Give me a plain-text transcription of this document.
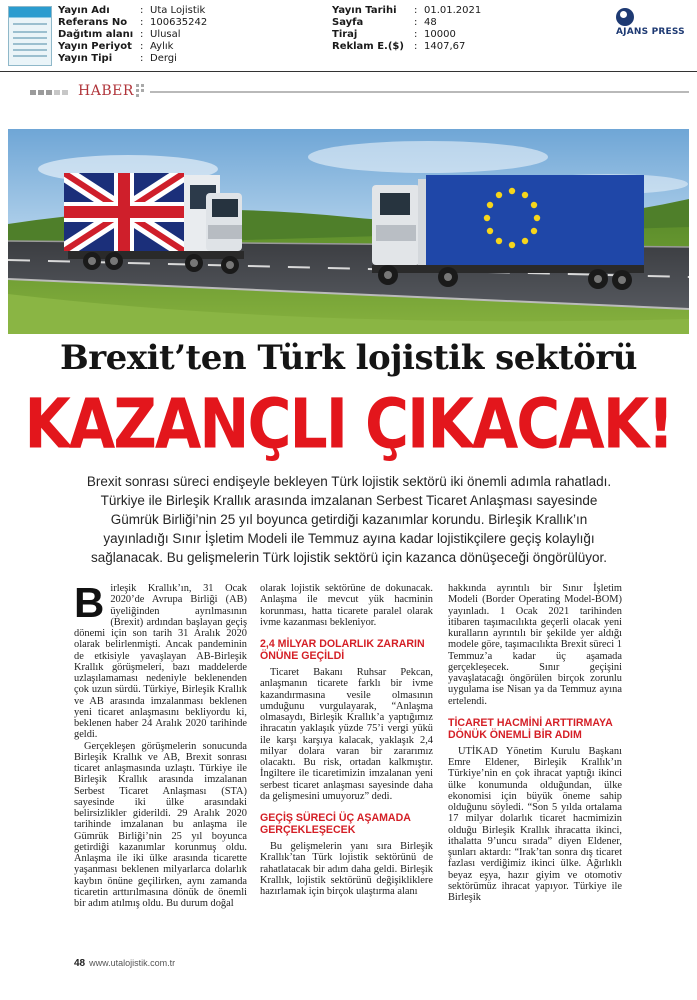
Yayın Adı	:	Uta Lojistik
Referans No	:	100635242
Dağıtım alanı	:	Ulusal
Yayın Periyot	:	Aylık
Yayın Tipi	:	Dergi
Yayın Tarihi	:	01.01.2021
Sayfa	:	48
Tiraj	:	10000
Reklam E.($)	:	1407,67
AJANS PRESS
HABER
Brexit’ten Türk lojistik sektörü
KAZANÇLI ÇIKACAK!
Brexit sonrası süreci endişeyle bekleyen Türk lojistik sektörü iki önemli adımla rahatladı.
Türkiye ile Birleşik Krallık arasında imzalanan Serbest Ticaret Anlaşması sayesinde
Gümrük Birliği’nin 25 yıl boyunca getirdiği kazanımlar korundu. Birleşik Krallık’ın
yayınladığı Sınır İşletim Modeli ile Temmuz ayına kadar lojistikçilere geçiş kolaylığı
sağlanacak. Bu gelişmelerin Türk lojistik sektörü için kazanca dönüşeceği öngörülüyor.
B irleşik Krallık’ın, 31 Ocak 2020’de Avrupa Birliği (AB) üyeliğinden ayrılmasının (Brexit) ardından başlayan geçiş dönemi için son tarih 31 Aralık 2020 olarak belirlenmişti. Ancak pandeminin de etkisiyle yavaşlayan AB-Birleşik Krallık görüşmeleri, bazı maddelerde uzlaşılamaması nedeniyle beklenenden çok uzun sürdü. Türkiye, Birleşik Krallık ve AB arasında imzalanması beklenen yeni ticaret anlaşmasını bekliyordu ki, beklenen haber 24 Aralık 2020 tarihinde geldi.

Gerçekleşen görüşmelerin sonucunda Birleşik Krallık ve AB, Brexit sonrası ticaret anlaşmasında uzlaştı. Türkiye ile Birleşik Krallık arasında imzalanan Serbest Ticaret Anlaşması (STA) sayesinde iki ülke arasındaki belirsizlikler giderildi. 29 Aralık 2020 tarihinde imzalanan bu anlaşma ile Gümrük Birliği’nin 25 yıl boyunca getirdiği kazanımlar korunmuş oldu. Anlaşma ile iki ülke arasında ticarette yaşanması beklenen milyarlarca dolarlık kaybın önüne geçilirken, aynı zamanda ticaretin arttırılmasına dönük de önemli bir adım atılmış oldu. Bu durum doğal

olarak lojistik sektörüne de dokunacak. Anlaşma ile mevcut yük hacminin korunması, hatta ticarete paralel olarak ivme kazanması bekleniyor.

2,4 MİLYAR DOLARLIK ZARARIN ÖNÜNE GEÇİLDİ

Ticaret Bakanı Ruhsar Pekcan, anlaşmanın ticarete farklı bir ivme kazandırmasına vesile olmasının umduğunu vurgulayarak, “Anlaşma olmasaydı, Birleşik Krallık’a yaptığımız ihracatın yaklaşık yüzde 75’i vergi yükü ile karşı karşıya kalacak, yaklaşık 2,4 milyar dolara varan bir zararımız olacaktı. Bu risk, ortadan kalkmıştır. İngiltere ile ticaretimizin imzalanan yeni serbest ticaret anlaşması sayesinde daha da gelişmesini umuyoruz” dedi.

GEÇİŞ SÜRECİ ÜÇ AŞAMADA GERÇEKLEŞECEK

Bu gelişmelerin yanı sıra Birleşik Krallık’tan Türk lojistik sektörünü de rahatlatacak bir adım daha geldi. Birleşik Krallık, lojistik sektörünü değişikliklere hazırlamak için birçok ulaştırma alanı

hakkında ayrıntılı bir Sınır İşletim Modeli (Border Operating Model-BOM) yayınladı. 1 Ocak 2021 tarihinden itibaren taşımacılıkta geçerli olacak yeni kuralların ayrıntılı bir şekilde yer aldığı modele göre, taşımacılıkta Brexit süreci 1 Temmuz’a kadar üç aşamada gerçekleşecek. Sınır geçişini yavaşlatacağı öngörülen birçok zorunlu uygulama ise Nisan ya da Temmuz ayına ertelendi.

TİCARET HACMİNİ ARTTIRMAYA DÖNÜK ÖNEMLİ BİR ADIM

UTİKAD Yönetim Kurulu Başkanı Emre Eldener, Birleşik Krallık’ın Türkiye’nin en çok ihracat yaptığı ikinci ülke konumunda olduğundan, ülke ekonomisi için büyük öneme sahip olduğunu söyledi. “Son 5 yılda ortalama 17 milyar dolarlık ticaret hacmimizin olduğu Birleşik Krallık ihracatta ikinci, ithalatta 9’uncu sırada” diyen Eldener, şunları aktardı: “Irak’tan sonra dış ticaret fazlası verdiğimiz ikinci ülke. Ağırlıklı beyaz eşya, hazır giyim ve otomotiv sektörümüz ihracat yapıyor. Türkiye ile Birleşik

48 www.utalojistik.com.tr
